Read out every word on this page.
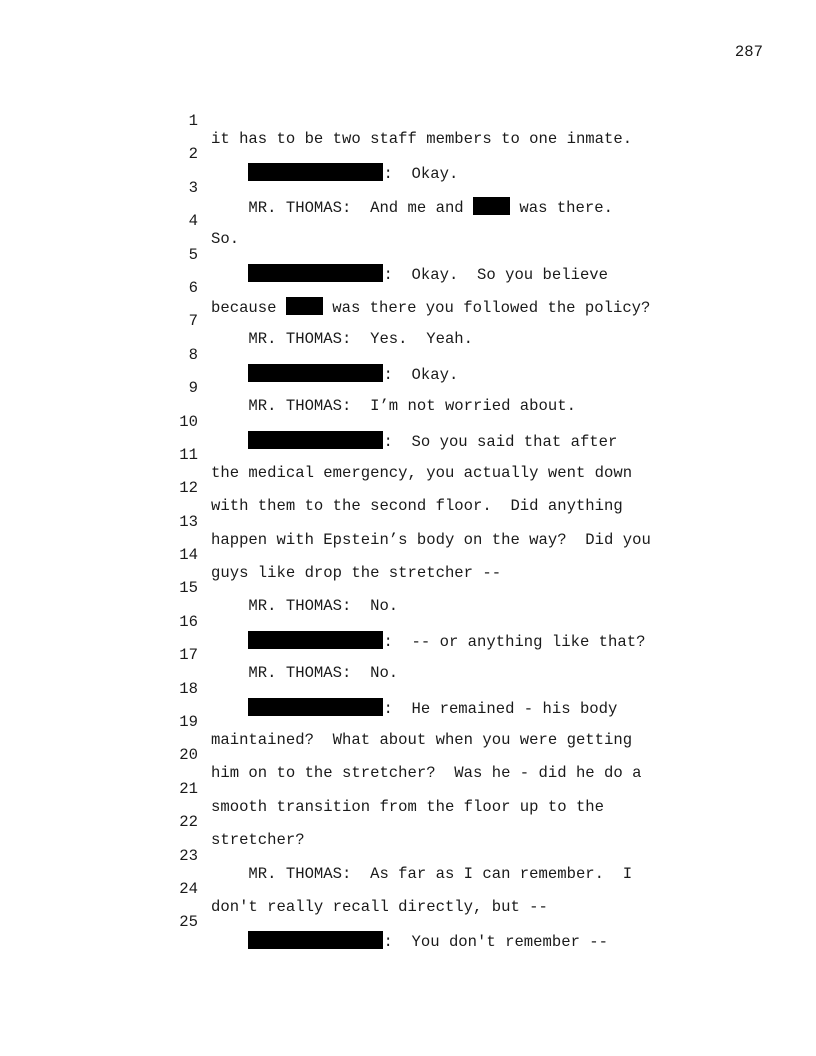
287

1

it has to be two staff members to one inmate.

2

:  Okay.

3

MR. THOMAS:  And me and  was there.

4

So.

5

:  Okay.  So you believe

6

because  was there you followed the policy?

7

MR. THOMAS:  Yes.  Yeah.

8

:  Okay.

9

MR. THOMAS:  I’m not worried about.

10

:  So you said that after

11

the medical emergency, you actually went down

12

with them to the second floor.  Did anything

13

happen with Epstein’s body on the way?  Did you

14

guys like drop the stretcher --

15

MR. THOMAS:  No.

16

:  -- or anything like that?

17

MR. THOMAS:  No.

18

:  He remained - his body

19

maintained?  What about when you were getting

20

him on to the stretcher?  Was he - did he do a

21

smooth transition from the floor up to the

22

stretcher?

23

MR. THOMAS:  As far as I can remember.  I

24

don't really recall directly, but --

25

:  You don't remember --
